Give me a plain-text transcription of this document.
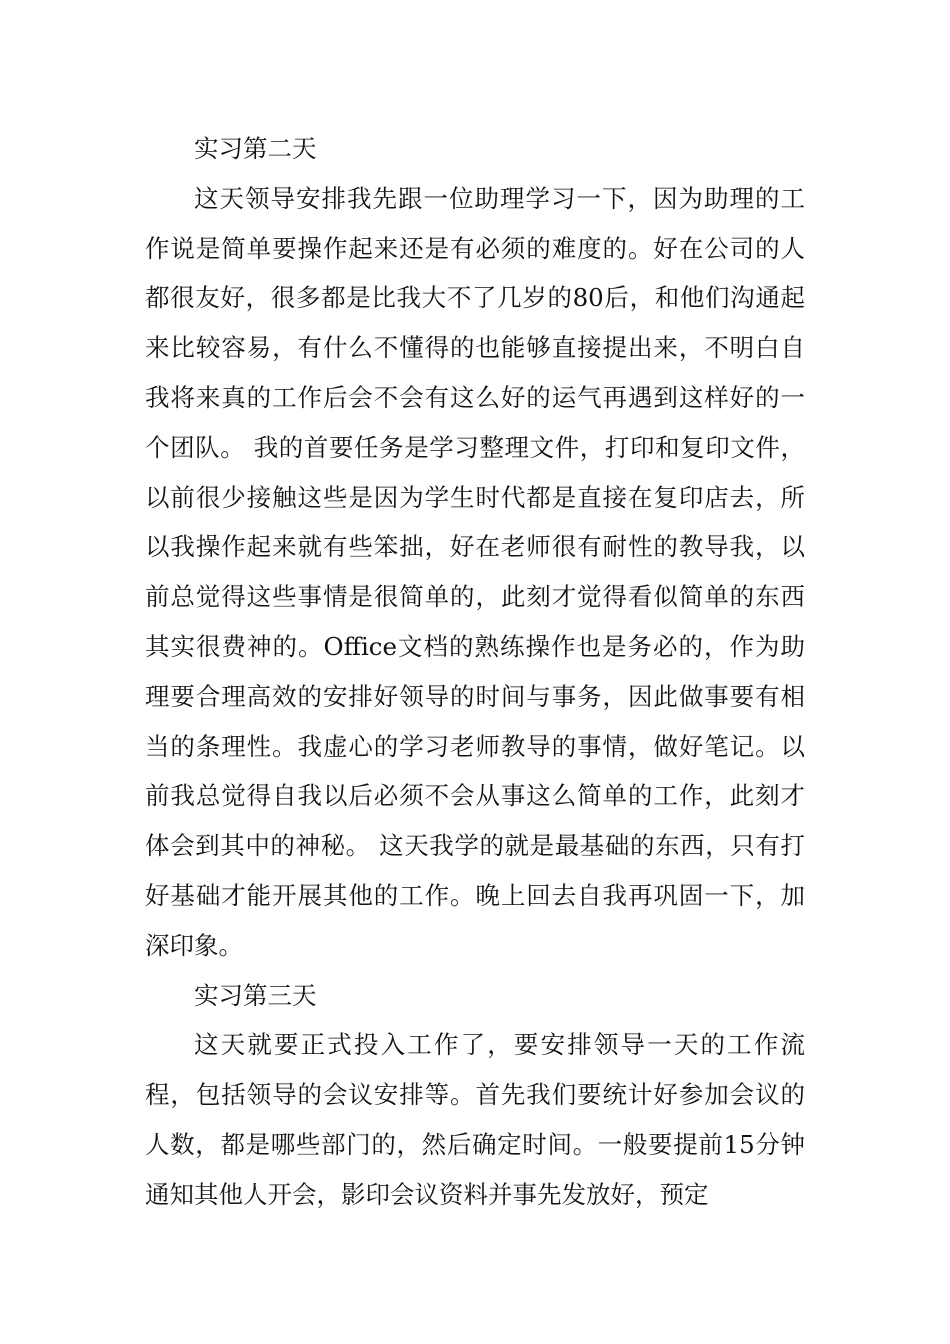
实习第二天

这天领导安排我先跟一位助理学习一下，因为助理的工作说是简单要操作起来还是有必须的难度的。好在公司的人都很友好，很多都是比我大不了几岁的80后，和他们沟通起来比较容易，有什么不懂得的也能够直接提出来，不明白自我将来真的工作后会不会有这么好的运气再遇到这样好的一个团队。 我的首要任务是学习整理文件，打印和复印文件，以前很少接触这些是因为学生时代都是直接在复印店去，所以我操作起来就有些笨拙，好在老师很有耐性的教导我，以前总觉得这些事情是很简单的，此刻才觉得看似简单的东西其实很费神的。Office文档的熟练操作也是务必的，作为助理要合理高效的安排好领导的时间与事务，因此做事要有相当的条理性。我虚心的学习老师教导的事情，做好笔记。以前我总觉得自我以后必须不会从事这么简单的工作，此刻才体会到其中的神秘。 这天我学的就是最基础的东西，只有打好基础才能开展其他的工作。晚上回去自我再巩固一下，加深印象。

实习第三天

这天就要正式投入工作了，要安排领导一天的工作流程，包括领导的会议安排等。首先我们要统计好参加会议的人数，都是哪些部门的，然后确定时间。一般要提前15分钟通知其他人开会，影印会议资料并事先发放好，预定
